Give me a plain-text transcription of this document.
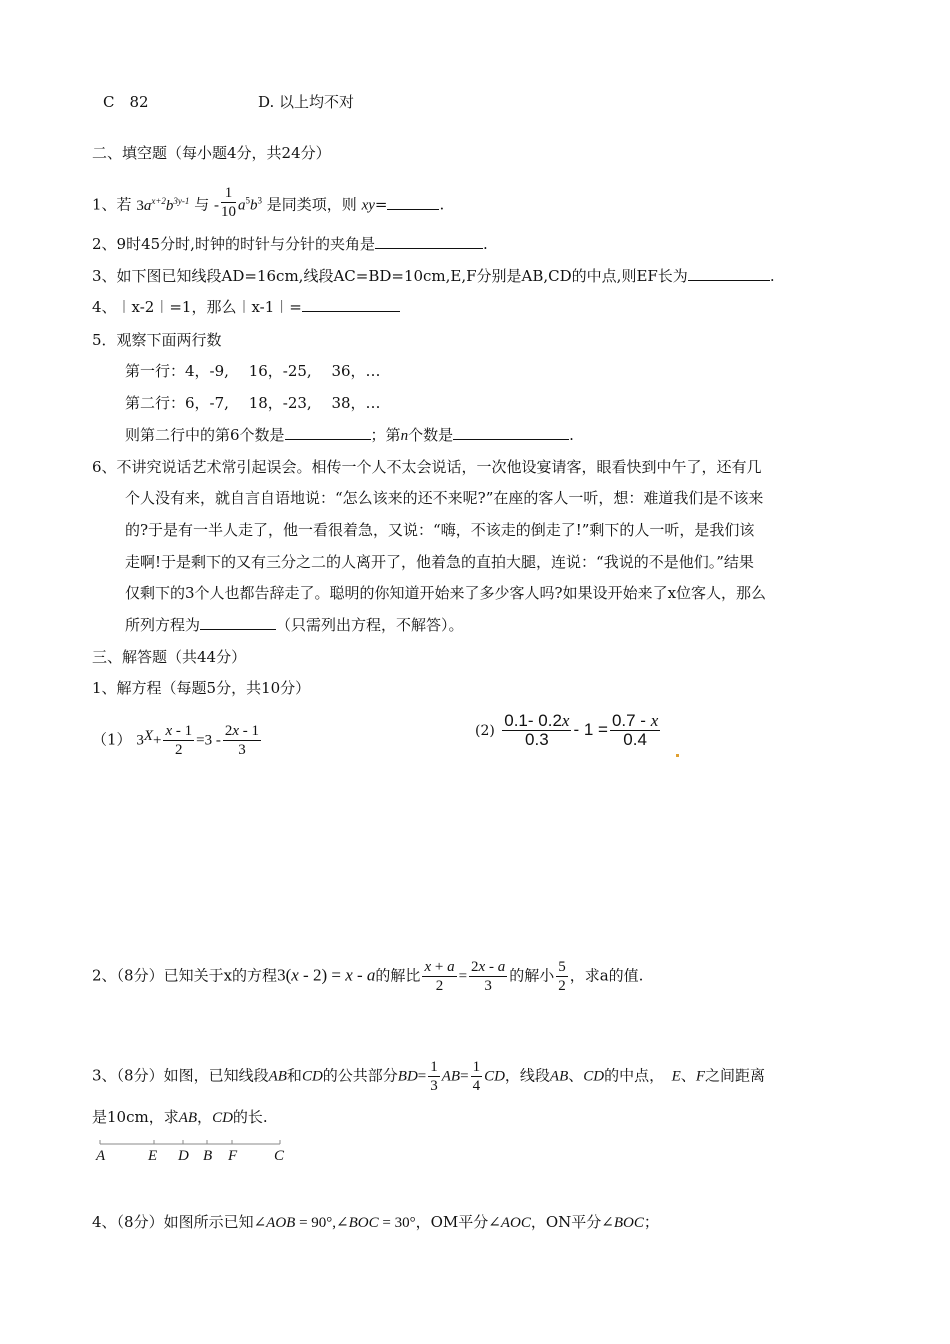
C　82	D. 以上均不对
二、填空题（每小题4分，共24分）
1、若 $3a^{x+2}b^{3y-1}$ 与 - $\frac{1}{10} a^5b^3$ 是同类项，则 xy=	.
2、9时45分时,时钟的时针与分针的夹角是	.
3、如下图已知线段AD=16cm,线段AC=BD=10cm,E,F分别是AB,CD的中点,则EF长为	.
4、︱x-2︱=1，那么︱x-1︱=
5．观察下面两行数
第一行：4，-9,　 16，-25,　 36，…
第二行：6，-7,　 18，-23,　 38，…
则第二行中的第6个数是	；第n个数是	.
6、不讲究说话艺术常引起误会。相传一个人不太会说话，一次他设宴请客，眼看快到中午了，还有几
个人没有来，就自言自语地说：“怎么该来的还不来呢?”在座的客人一听，想：难道我们是不该来
的?于是有一半人走了，他一看很着急，又说：“嗨，不该走的倒走了!”剩下的人一听，是我们该
走啊!于是剩下的又有三分之二的人离开了，他着急的直拍大腿，连说：“我说的不是他们。”结果
仅剩下的3个人也都告辞走了。聪明的你知道开始来了多少客人吗?如果设开始来了x位客人，那么
所列方程为	（只需列出方程，不解答）。
三、解答题（共44分）
1、解方程（每题5分，共10分）
（1） $3X+ \frac{x - 1}{2} =3 - \frac{2x - 1}{3}$	$(2) \frac{0.1- 0.2x}{0.3} - 1 = \frac{0.7 - x}{0.4}$
2、（8分）已知关于x的方程3(x - 2) = x - a的解比 $\frac{x + a}{2} = \frac{2x - a}{3}$ 的解小 $\frac{5}{2}$ ，求a的值.
3、（8分）如图，已知线段AB和CD的公共部分$BD= \frac{1}{3} AB= \frac{1}{4}$ CD，线段AB、CD的中点，　E、F之间距离
是10cm，求AB，CD的长.
A	E D B F C
4、（8分）如图所示已知∠AOB = 90°,∠BOC = 30°，OM平分∠AOC，ON平分∠BOC；
